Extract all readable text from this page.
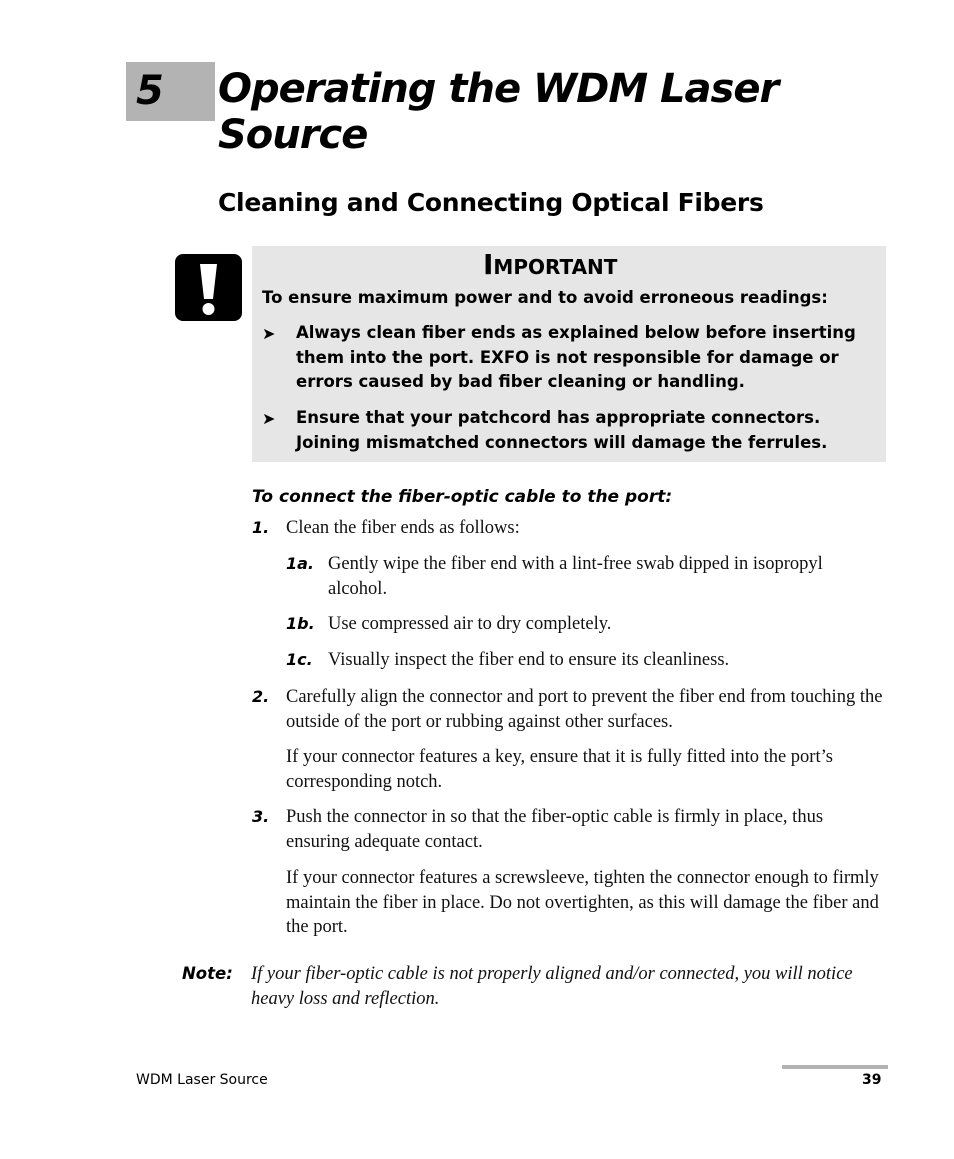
5 Operating the WDM Laser Source
Cleaning and Connecting Optical Fibers
Important
To ensure maximum power and to avoid erroneous readings:
➤ Always clean fiber ends as explained below before inserting them into the port. EXFO is not responsible for damage or errors caused by bad fiber cleaning or handling.
➤ Ensure that your patchcord has appropriate connectors. Joining mismatched connectors will damage the ferrules.
To connect the fiber-optic cable to the port:
1. Clean the fiber ends as follows:
1a. Gently wipe the fiber end with a lint-free swab dipped in isopropyl alcohol.
1b. Use compressed air to dry completely.
1c. Visually inspect the fiber end to ensure its cleanliness.
2. Carefully align the connector and port to prevent the fiber end from touching the outside of the port or rubbing against other surfaces.
If your connector features a key, ensure that it is fully fitted into the port’s corresponding notch.
3. Push the connector in so that the fiber-optic cable is firmly in place, thus ensuring adequate contact.
If your connector features a screwsleeve, tighten the connector enough to firmly maintain the fiber in place. Do not overtighten, as this will damage the fiber and the port.
Note: If your fiber-optic cable is not properly aligned and/or connected, you will notice heavy loss and reflection.
WDM Laser Source	39
